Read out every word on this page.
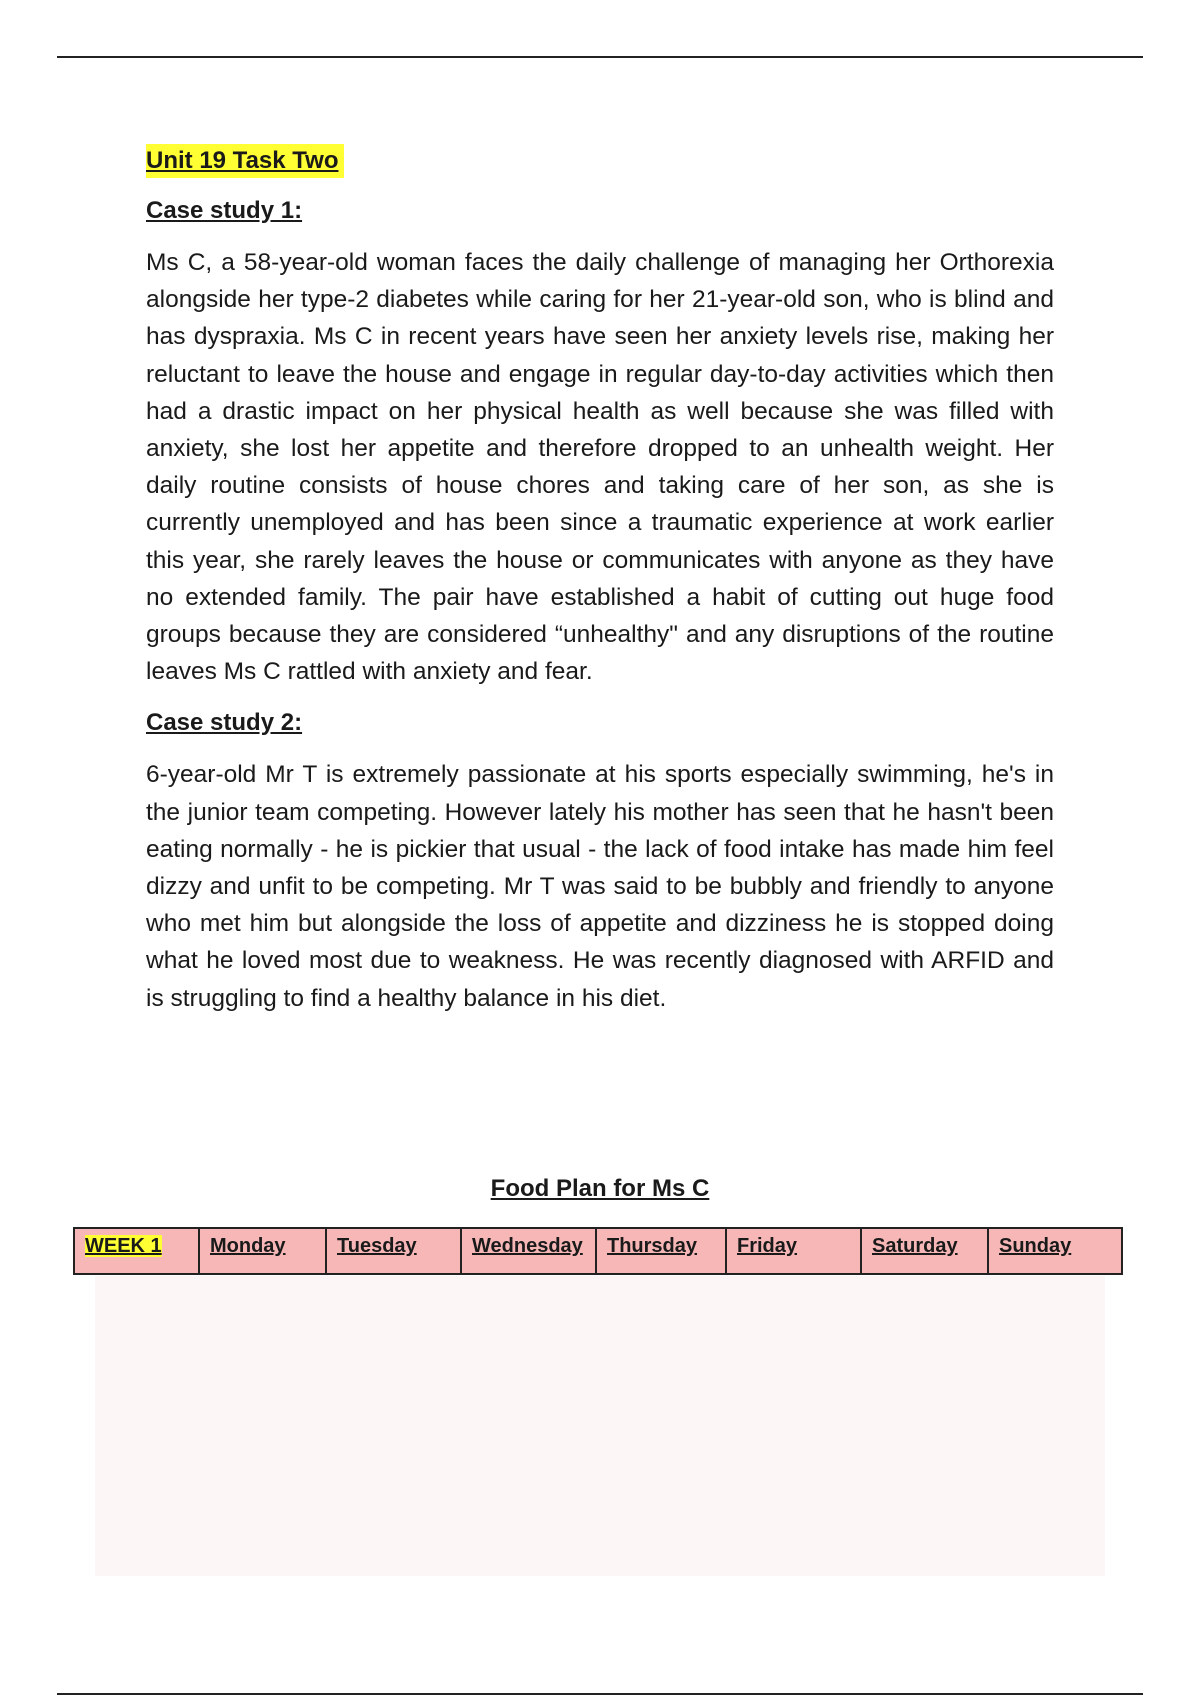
Unit 19 Task Two
Case study 1:

Ms C, a 58-year-old woman faces the daily challenge of managing her Orthorexia alongside her type-2 diabetes while caring for her 21-year-old son, who is blind and has dyspraxia. Ms C in recent years have seen her anxiety levels rise, making her reluctant to leave the house and engage in regular day-to-day activities which then had a drastic impact on her physical health as well because she was filled with anxiety, she lost her appetite and therefore dropped to an unhealth weight. Her daily routine consists of house chores and taking care of her son, as she is currently unemployed and has been since a traumatic experience at work earlier this year, she rarely leaves the house or communicates with anyone as they have no extended family. The pair have established a habit of cutting out huge food groups because they are considered “unhealthy" and any disruptions of the routine leaves Ms C rattled with anxiety and fear.

Case study 2:

6-year-old Mr T is extremely passionate at his sports especially swimming, he's in the junior team competing. However lately his mother has seen that he hasn't been eating normally - he is pickier that usual - the lack of food intake has made him feel dizzy and unfit to be competing. Mr T was said to be bubbly and friendly to anyone who met him but alongside the loss of appetite and dizziness he is stopped doing what he loved most due to weakness. He was recently diagnosed with ARFID and is struggling to find a healthy balance in his diet.

Food Plan for Ms C
WEEK 1	Monday	Tuesday	Wednesday	Thursday	Friday	Saturday	Sunday
